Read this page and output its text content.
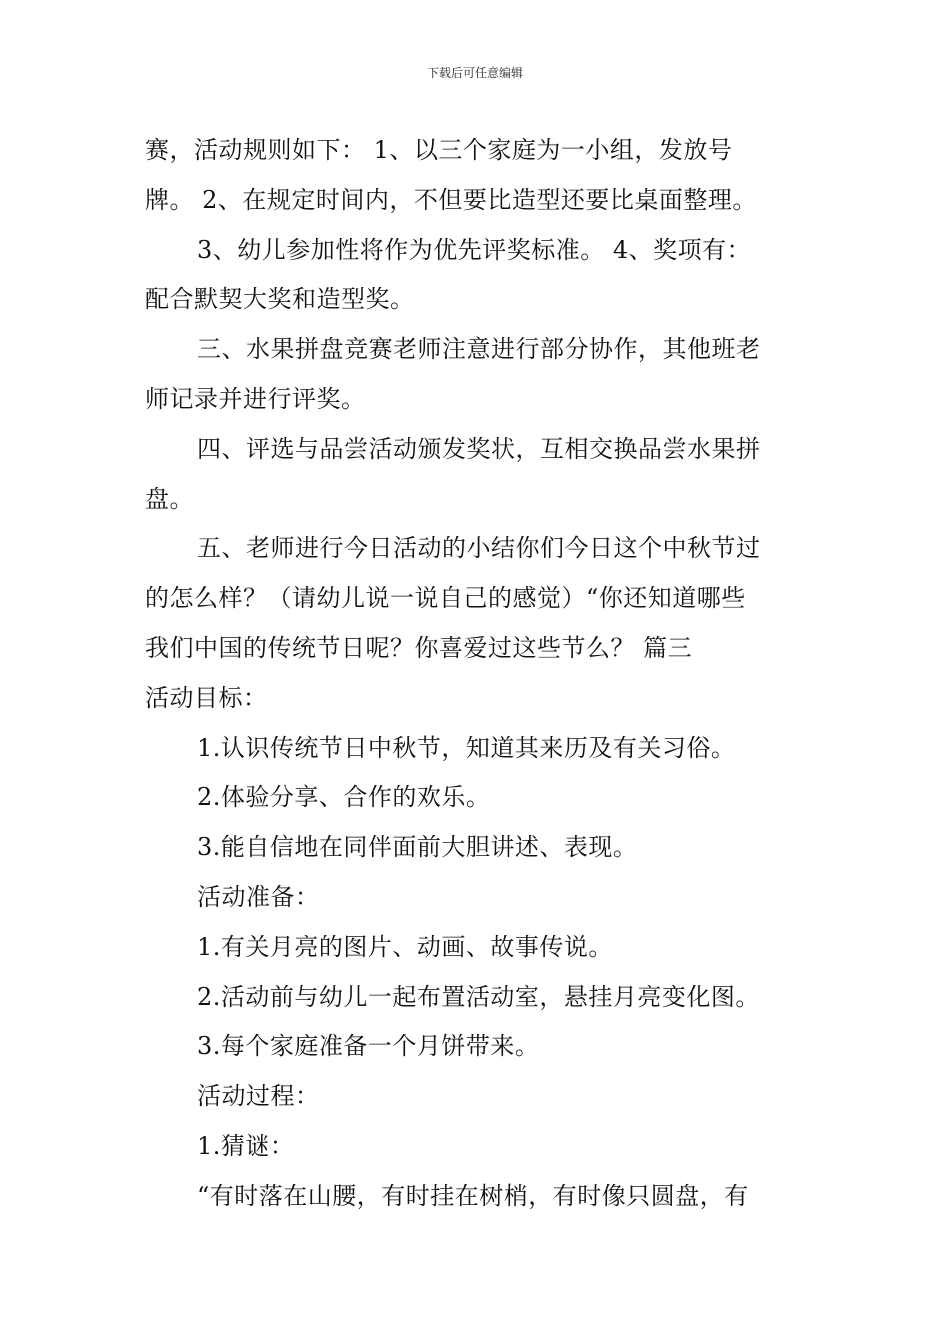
下载后可任意编辑
赛，活动规则如下： 1、以三个家庭为一小组，发放号
牌。 2、在规定时间内，不但要比造型还要比桌面整理。
3、幼儿参加性将作为优先评奖标准。 4、奖项有：
配合默契大奖和造型奖。
三、水果拼盘竞赛老师注意进行部分协作，其他班老
师记录并进行评奖。
四、评选与品尝活动颁发奖状，互相交换品尝水果拼
盘。
五、老师进行今日活动的小结你们今日这个中秋节过
的怎么样？（请幼儿说一说自己的感觉）“你还知道哪些
我们中国的传统节日呢？你喜爱过这些节么？ 篇三
活动目标：
1.认识传统节日中秋节，知道其来历及有关习俗。
2.体验分享、合作的欢乐。
3.能自信地在同伴面前大胆讲述、表现。
活动准备：
1.有关月亮的图片、动画、故事传说。
2.活动前与幼儿一起布置活动室，悬挂月亮变化图。
3.每个家庭准备一个月饼带来。
活动过程：
1.猜谜：
“有时落在山腰，有时挂在树梢，有时像只圆盘，有
